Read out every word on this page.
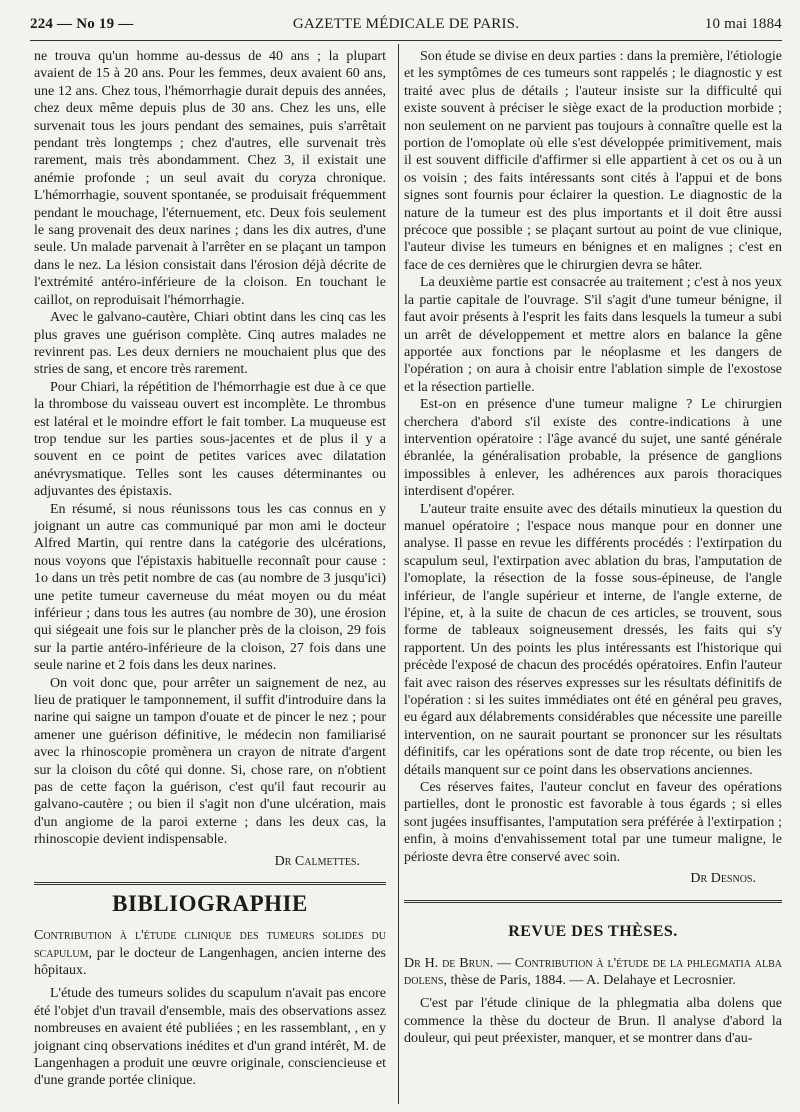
224 — No 19 —	GAZETTE MÉDICALE DE PARIS.	10 mai 1884

ne trouva qu'un homme au-dessus de 40 ans ; la plupart avaient de 15 à 20 ans. Pour les femmes, deux avaient 60 ans, une 12 ans. Chez tous, l'hémorrhagie durait depuis des années, chez deux même depuis plus de 30 ans. Chez les uns, elle survenait tous les jours pendant des semaines, puis s'arrêtait pendant très longtemps ; chez d'autres, elle survenait très rarement, mais très abondamment. Chez 3, il existait une anémie profonde ; un seul avait du coryza chronique. L'hémorrhagie, souvent spontanée, se produisait fréquemment pendant le mouchage, l'éternuement, etc. Deux fois seulement le sang provenait des deux narines ; dans les dix autres, d'une seule. Un malade parvenait à l'arrêter en se plaçant un tampon dans le nez. La lésion consistait dans l'érosion déjà décrite de l'extrémité antéro-inférieure de la cloison. En touchant le caillot, on reproduisait l'hémorrhagie.

Avec le galvano-cautère, Chiari obtint dans les cinq cas les plus graves une guérison complète. Cinq autres malades ne revinrent pas. Les deux derniers ne mouchaient plus que des stries de sang, et encore très rarement.

Pour Chiari, la répétition de l'hémorrhagie est due à ce que la thrombose du vaisseau ouvert est incomplète. Le thrombus est latéral et le moindre effort le fait tomber. La muqueuse est trop tendue sur les parties sous-jacentes et de plus il y a souvent en ce point de petites varices avec dilatation anévrysmatique. Telles sont les causes déterminantes ou adjuvantes des épistaxis.

En résumé, si nous réunissons tous les cas connus en y joignant un autre cas communiqué par mon ami le docteur Alfred Martin, qui rentre dans la catégorie des ulcérations, nous voyons que l'épistaxis habituelle reconnaît pour cause : 1o dans un très petit nombre de cas (au nombre de 3 jusqu'ici) une petite tumeur caverneuse du méat moyen ou du méat inférieur ; dans tous les autres (au nombre de 30), une érosion qui siégeait une fois sur le plancher près de la cloison, 29 fois sur la partie antéro-inférieure de la cloison, 27 fois dans une seule narine et 2 fois dans les deux narines.

On voit donc que, pour arrêter un saignement de nez, au lieu de pratiquer le tamponnement, il suffit d'introduire dans la narine qui saigne un tampon d'ouate et de pincer le nez ; pour amener une guérison définitive, le médecin non familiarisé avec la rhinoscopie promènera un crayon de nitrate d'argent sur la cloison du côté qui donne. Si, chose rare, on n'obtient pas de cette façon la guérison, c'est qu'il faut recourir au galvano-cautère ; ou bien il s'agit non d'une ulcération, mais d'un angiome de la paroi externe ; dans les deux cas, la rhinoscopie devient indispensable.

Dr Calmettes.

BIBLIOGRAPHIE

Contribution à l'étude clinique des tumeurs solides du scapulum, par le docteur de Langenhagen, ancien interne des hôpitaux.

L'étude des tumeurs solides du scapulum n'avait pas encore été l'objet d'un travail d'ensemble, mais des observations assez nombreuses en avaient été publiées ; en les rassemblant, , en y joignant cinq observations inédites et d'un grand intérêt, M. de Langenhagen a produit une œuvre originale, consciencieuse et d'une grande portée clinique.

Son étude se divise en deux parties : dans la première, l'étiologie et les symptômes de ces tumeurs sont rappelés ; le diagnostic y est traité avec plus de détails ; l'auteur insiste sur la difficulté qui existe souvent à préciser le siège exact de la production morbide ; non seulement on ne parvient pas toujours à connaître quelle est la portion de l'omoplate où elle s'est développée primitivement, mais il est souvent difficile d'affirmer si elle appartient à cet os ou à un os voisin ; des faits intéressants sont cités à l'appui et de bons signes sont fournis pour éclairer la question. Le diagnostic de la nature de la tumeur est des plus importants et il doit être aussi précoce que possible ; se plaçant surtout au point de vue clinique, l'auteur divise les tumeurs en bénignes et en malignes ; c'est en face de ces dernières que le chirurgien devra se hâter.

La deuxième partie est consacrée au traitement ; c'est à nos yeux la partie capitale de l'ouvrage. S'il s'agit d'une tumeur bénigne, il faut avoir présents à l'esprit les faits dans lesquels la tumeur a subi un arrêt de développement et mettre alors en balance la gêne apportée aux fonctions par le néoplasme et les dangers de l'opération ; on aura à choisir entre l'ablation simple de l'exostose et la résection partielle.

Est-on en présence d'une tumeur maligne ? Le chirurgien cherchera d'abord s'il existe des contre-indications à une intervention opératoire : l'âge avancé du sujet, une santé générale ébranlée, la généralisation probable, la présence de ganglions impossibles à enlever, les adhérences aux parois thoraciques interdisent d'opérer.

L'auteur traite ensuite avec des détails minutieux la question du manuel opératoire ; l'espace nous manque pour en donner une analyse. Il passe en revue les différents procédés : l'extirpation du scapulum seul, l'extirpation avec ablation du bras, l'amputation de l'omoplate, la résection de la fosse sous-épineuse, de l'angle inférieur, de l'angle supérieur et interne, de l'angle externe, de l'épine, et, à la suite de chacun de ces articles, se trouvent, sous forme de tableaux soigneusement dressés, les faits qui s'y rapportent. Un des points les plus intéressants est l'historique qui précède l'exposé de chacun des procédés opératoires. Enfin l'auteur fait avec raison des réserves expresses sur les résultats définitifs de l'opération : si les suites immédiates ont été en général peu graves, eu égard aux délabrements considérables que nécessite une pareille intervention, on ne saurait pourtant se prononcer sur les résultats définitifs, car les opérations sont de date trop récente, ou bien les détails manquent sur ce point dans les observations anciennes.

Ces réserves faites, l'auteur conclut en faveur des opérations partielles, dont le pronostic est favorable à tous égards ; si elles sont jugées insuffisantes, l'amputation sera préférée à l'extirpation ; enfin, à moins d'envahissement total par une tumeur maligne, le périoste devra être conservé avec soin.

Dr Desnos.

REVUE DES THÈSES.

Dr H. de Brun. — Contribution à l'étude de la phlegmatia alba dolens, thèse de Paris, 1884. — A. Delahaye et Lecrosnier.

C'est par l'étude clinique de la phlegmatia alba dolens que commence la thèse du docteur de Brun. Il analyse d'abord la douleur, qui peut préexister, manquer, et se montrer dans d'au-
